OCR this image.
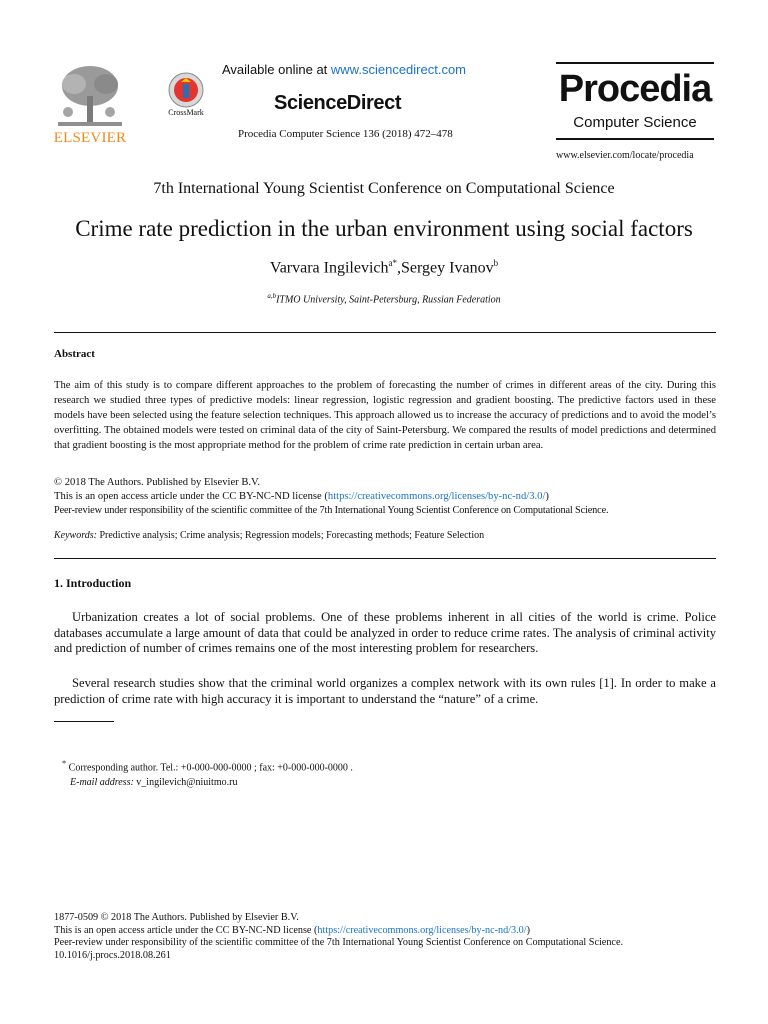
ELSEVIER
CrossMark
Available online at www.sciencedirect.com
ScienceDirect
Procedia Computer Science 136 (2018) 472–478
Procedia
Computer Science
www.elsevier.com/locate/procedia
7th International Young Scientist Conference on Computational Science
Crime rate prediction in the urban environment using social factors
Varvara Ingilevich$^{a*}$,Sergey Ivanov$^b$
$^{a,b}$ITMO University, Saint-Petersburg, Russian Federation
Abstract
The aim of this study is to compare different approaches to the problem of forecasting the number of crimes in different areas of the city. During this research we studied three types of predictive models: linear regression, logistic regression and gradient boosting. The predictive factors used in these models have been selected using the feature selection techniques. This approach allowed us to increase the accuracy of predictions and to avoid the model’s overfitting. The obtained models were tested on criminal data of the city of Saint-Petersburg. We compared the results of model predictions and determined that gradient boosting is the most appropriate method for the problem of crime rate prediction in certain urban area.
© 2018 The Authors. Published by Elsevier B.V.
This is an open access article under the CC BY-NC-ND license (https://creativecommons.org/licenses/by-nc-nd/3.0/)
Peer-review under responsibility of the scientific committee of the 7th International Young Scientist Conference on Computational Science.
Keywords: Predictive analysis; Crime analysis; Regression models; Forecasting methods; Feature Selection
1. Introduction
Urbanization creates a lot of social problems. One of these problems inherent in all cities of the world is crime. Police databases accumulate a large amount of data that could be analyzed in order to reduce crime rates. The analysis of criminal activity and prediction of number of crimes remains one of the most interesting problem for researchers.
Several research studies show that the criminal world organizes a complex network with its own rules [1]. In order to make a prediction of crime rate with high accuracy it is important to understand the “nature” of a crime.
* Corresponding author. Tel.: +0-000-000-0000 ; fax: +0-000-000-0000 .
E-mail address: v_ingilevich@niuitmo.ru
1877-0509 © 2018 The Authors. Published by Elsevier B.V.
This is an open access article under the CC BY-NC-ND license (https://creativecommons.org/licenses/by-nc-nd/3.0/)
Peer-review under responsibility of the scientific committee of the 7th International Young Scientist Conference on Computational Science.
10.1016/j.procs.2018.08.261
